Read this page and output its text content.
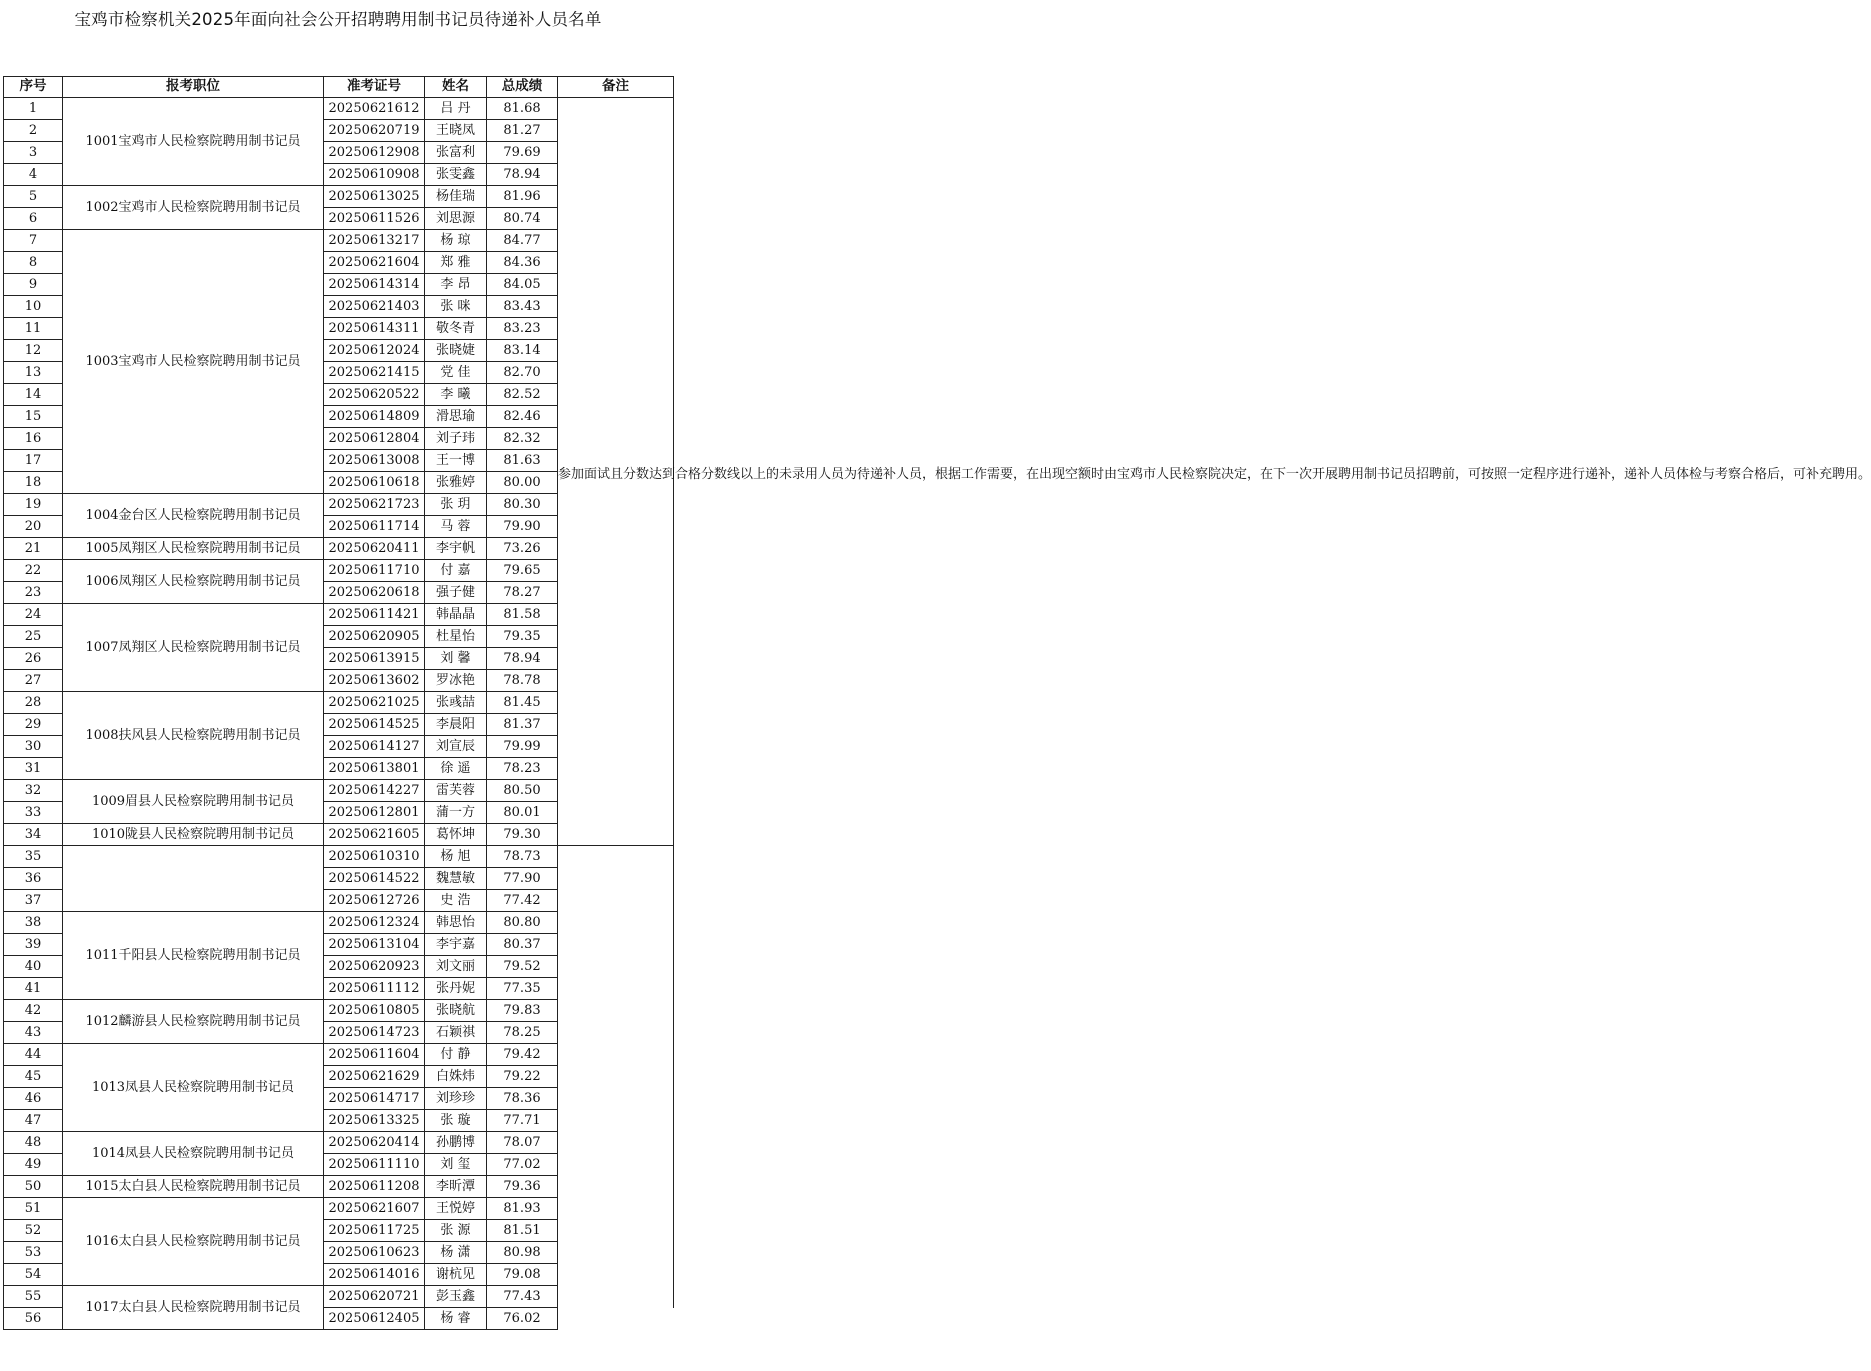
宝鸡市检察机关2025年面向社会公开招聘聘用制书记员待递补人员名单
序号	报考职位	准考证号	姓名	总成绩	备注	
1	1001宝鸡市人民检察院聘用制书记员	20250621612	吕 丹	81.68	参加面试且分数达到合格分数线以上的未录用人员为待递补人员，根据工作需要，在出现空额时由宝鸡市人民检察院决定，在下一次开展聘用制书记员招聘前，可按照一定程序进行递补，递补人员体检与考察合格后，可补充聘用。	

2		20250620719	王晓凤	81.27		
3		20250612908	张富利	79.69		
4		20250610908	张雯鑫	78.94		
5	1002宝鸡市人民检察院聘用制书记员	20250613025	杨佳瑞	81.96		
6		20250611526	刘思源	80.74		
7	1003宝鸡市人民检察院聘用制书记员	20250613217	杨 琼	84.77		
8		20250621604	郑 雅	84.36		
9		20250614314	李 昂	84.05		
10		20250621403	张 咪	83.43		
11		20250614311	敬冬青	83.23		
12		20250612024	张晓婕	83.14		
13		20250621415	党 佳	82.70		
14		20250620522	李 曦	82.52		
15		20250614809	滑思瑜	82.46		
16		20250612804	刘子玮	82.32		
17		20250613008	王一博	81.63		
18		20250610618	张雅婷	80.00		
19	1004金台区人民检察院聘用制书记员	20250621723	张 玥	80.30		
20		20250611714	马 蓉	79.90		
21	1005凤翔区人民检察院聘用制书记员	20250620411	李宇帆	73.26		
22	1006凤翔区人民检察院聘用制书记员	20250611710	付 嘉	79.65		
23		20250620618	强子健	78.27		
24	1007凤翔区人民检察院聘用制书记员	20250611421	韩晶晶	81.58		
25		20250620905	杜星怡	79.35		
26		20250613915	刘 馨	78.94		
27		20250613602	罗冰艳	78.78		
28	1008扶风县人民检察院聘用制书记员	20250621025	张彧喆	81.45		
29		20250614525	李晨阳	81.37		
30		20250614127	刘宣辰	79.99		
31		20250613801	徐 遥	78.23		
32	1009眉县人民检察院聘用制书记员	20250614227	雷芙蓉	80.50		
33		20250612801	蒲一方	80.01		
34	1010陇县人民检察院聘用制书记员	20250621605	葛怀坤	79.30		
35		20250610310	杨 旭	78.73		
36		20250614522	魏慧敏	77.90		
37		20250612726	史 浩	77.42		
38	1011千阳县人民检察院聘用制书记员	20250612324	韩思怡	80.80		
39		20250613104	李宇嘉	80.37		
40		20250620923	刘文丽	79.52		
41		20250611112	张丹妮	77.35		
42	1012麟游县人民检察院聘用制书记员	20250610805	张晓航	79.83		
43		20250614723	石颖祺	78.25		
44	1013凤县人民检察院聘用制书记员	20250611604	付 静	79.42		
45		20250621629	白姝炜	79.22		
46		20250614717	刘珍珍	78.36		
47		20250613325	张 璇	77.71		
48	1014凤县人民检察院聘用制书记员	20250620414	孙鹏博	78.07		
49		20250611110	刘 玺	77.02		
50	1015太白县人民检察院聘用制书记员	20250611208	李昕潭	79.36		
51	1016太白县人民检察院聘用制书记员	20250621607	王悦婷	81.93		
52		20250611725	张 源	81.51		
53		20250610623	杨 潇	80.98		
54		20250614016	谢杭见	79.08		
55	1017太白县人民检察院聘用制书记员	20250620721	彭玉鑫	77.43		
56		20250612405	杨 睿	76.02		
